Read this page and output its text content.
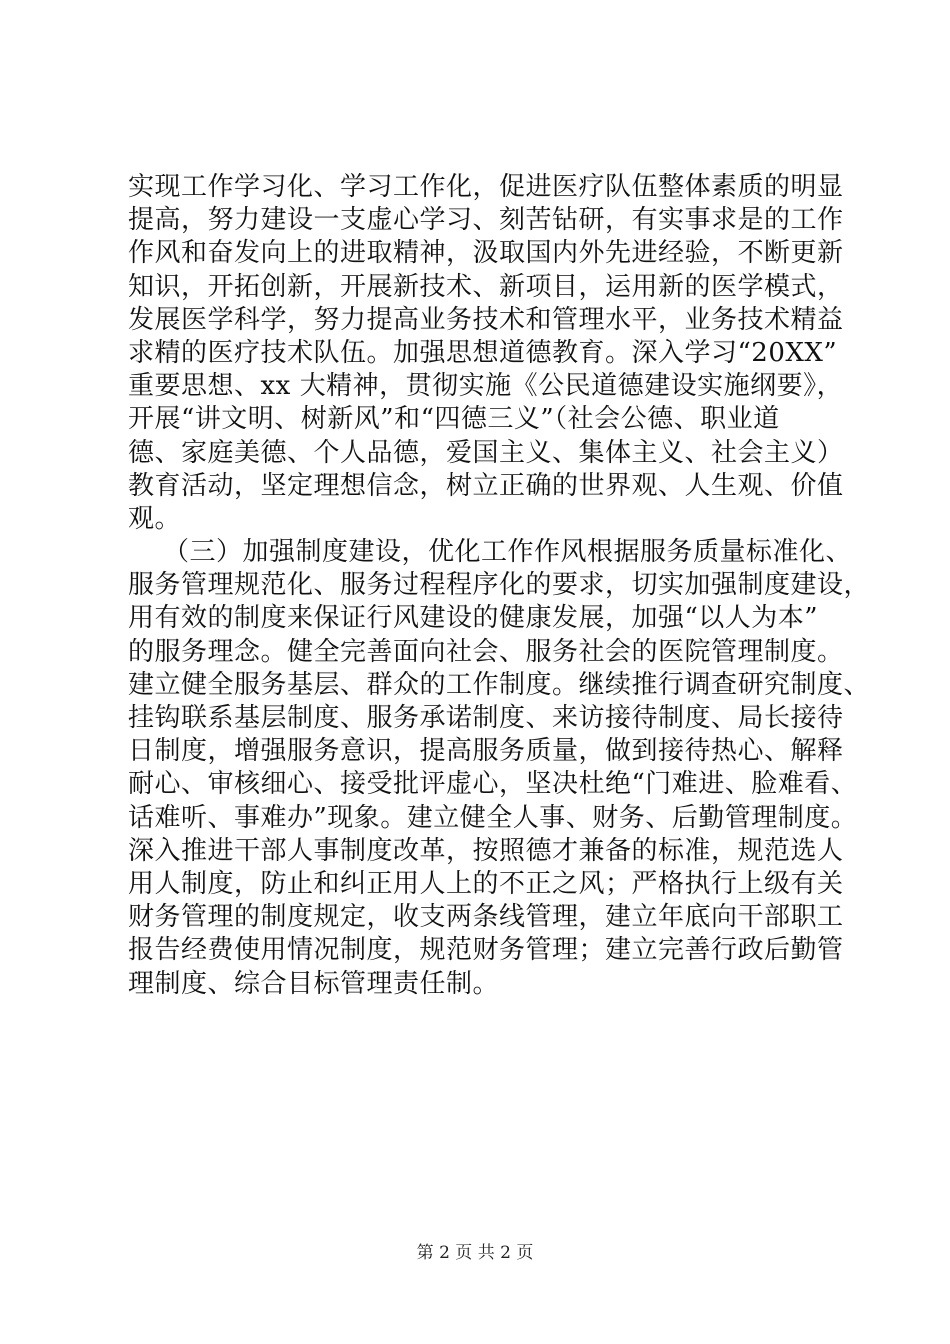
实现工作学习化、学习工作化，促进医疗队伍整体素质的明显
提高，努力建设一支虚心学习、刻苦钻研，有实事求是的工作
作风和奋发向上的进取精神，汲取国内外先进经验，不断更新
知识，开拓创新，开展新技术、新项目，运用新的医学模式，
发展医学科学，努力提高业务技术和管理水平，业务技术精益
求精的医疗技术队伍。加强思想道德教育。深入学习“20XX”
重要思想、xx 大精神，贯彻实施《公民道德建设实施纲要》，
开展“讲文明、树新风”和“四德三义”（社会公德、职业道
德、家庭美德、个人品德，爱国主义、集体主义、社会主义）
教育活动，坚定理想信念，树立正确的世界观、人生观、价值
观。
（三）加强制度建设，优化工作作风根据服务质量标准化、
服务管理规范化、服务过程程序化的要求，切实加强制度建设，
用有效的制度来保证行风建设的健康发展，加强“以人为本”
的服务理念。健全完善面向社会、服务社会的医院管理制度。
建立健全服务基层、群众的工作制度。继续推行调查研究制度、
挂钩联系基层制度、服务承诺制度、来访接待制度、局长接待
日制度，增强服务意识，提高服务质量，做到接待热心、解释
耐心、审核细心、接受批评虚心，坚决杜绝“门难进、脸难看、
话难听、事难办”现象。建立健全人事、财务、后勤管理制度。
深入推进干部人事制度改革，按照德才兼备的标准，规范选人
用人制度，防止和纠正用人上的不正之风；严格执行上级有关
财务管理的制度规定，收支两条线管理，建立年底向干部职工
报告经费使用情况制度，规范财务管理；建立完善行政后勤管
理制度、综合目标管理责任制。
第 2 页 共 2 页
